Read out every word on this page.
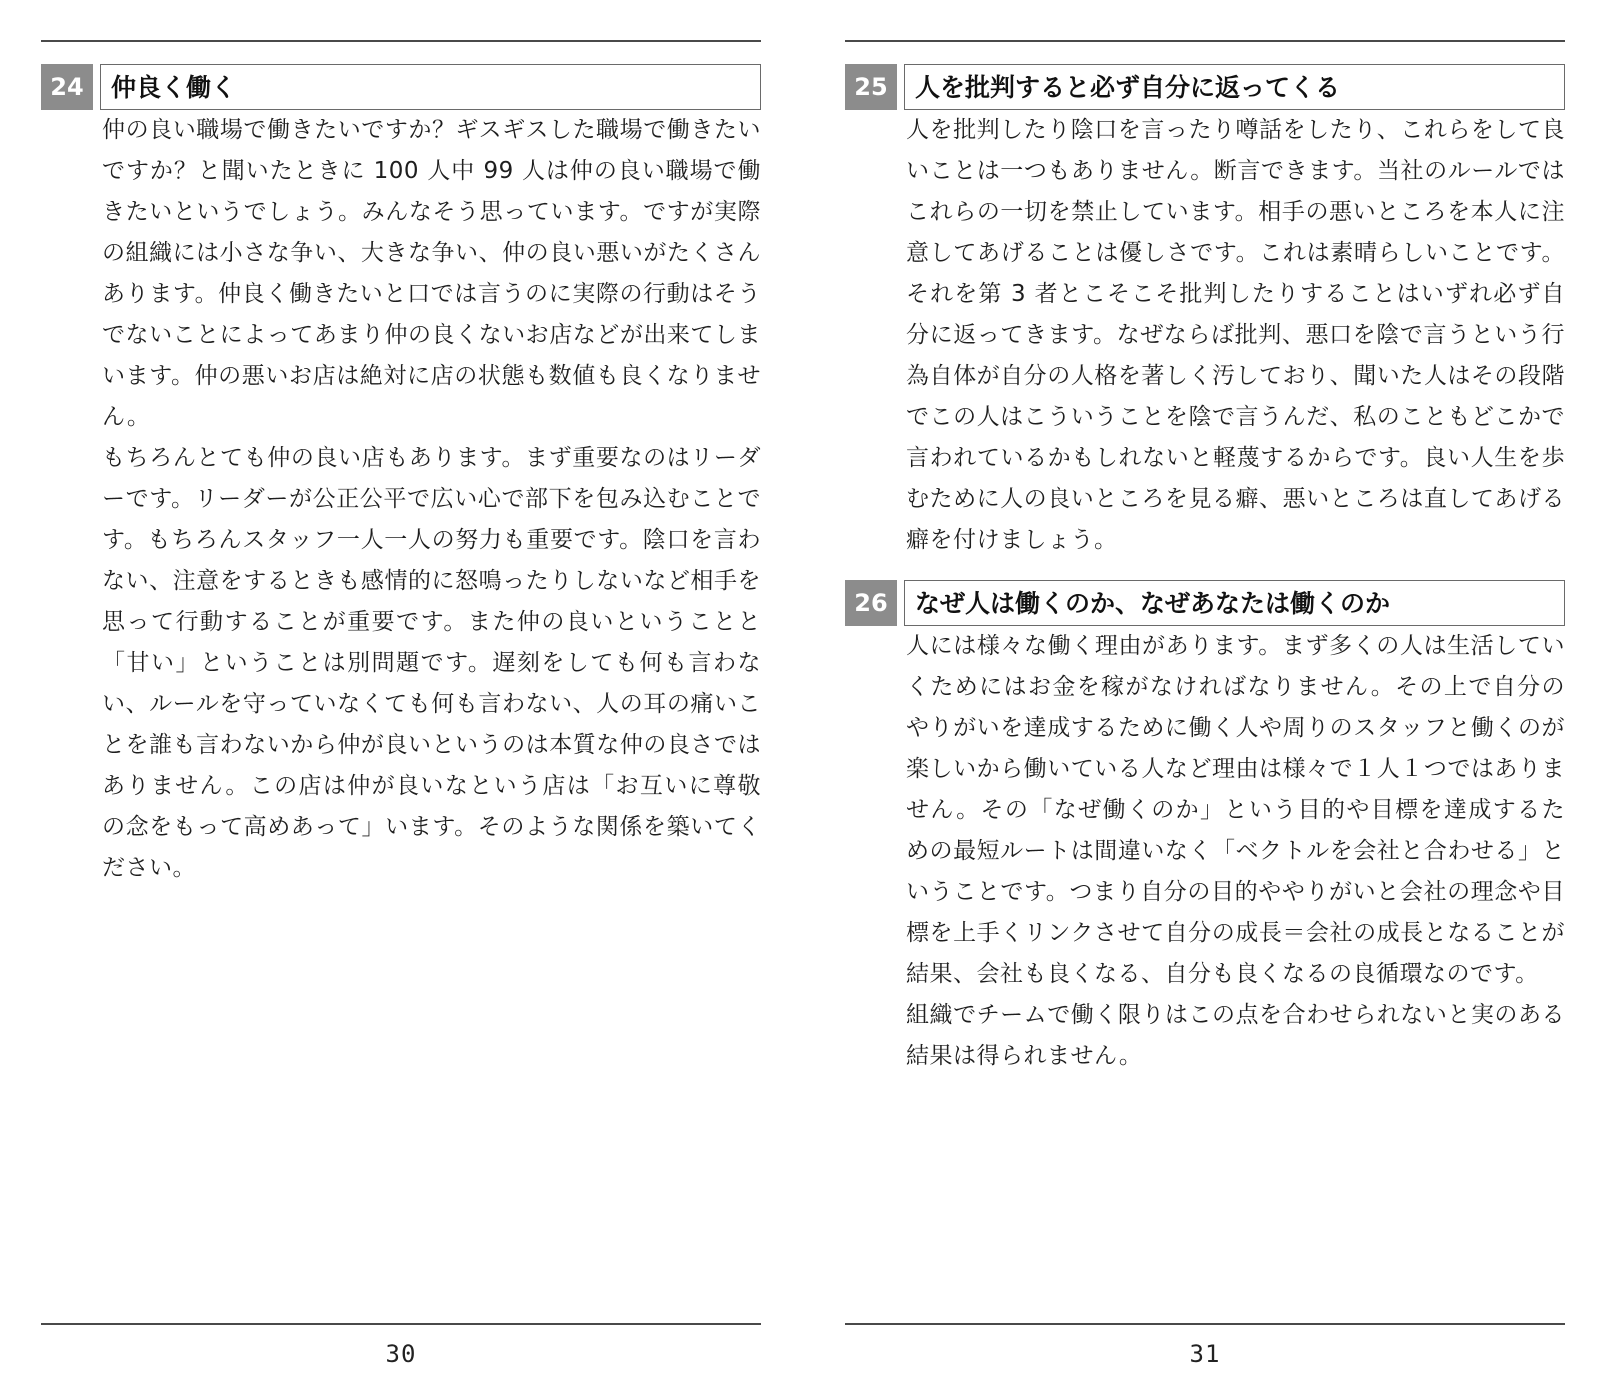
24	仲良く働く

仲の良い職場で働きたいですか？ギスギスした職場で働きたいですか？と聞いたときに 100 人中 99 人は仲の良い職場で働きたいというでしょう。みんなそう思っています。ですが実際の組織には小さな争い、大きな争い、仲の良い悪いがたくさんあります。仲良く働きたいと口では言うのに実際の行動はそうでないことによってあまり仲の良くないお店などが出来てしまいます。仲の悪いお店は絶対に店の状態も数値も良くなりません。

もちろんとても仲の良い店もあります。まず重要なのはリーダーです。リーダーが公正公平で広い心で部下を包み込むことです。もちろんスタッフ一人一人の努力も重要です。陰口を言わない、注意をするときも感情的に怒鳴ったりしないなど相手を思って行動することが重要です。また仲の良いということと「甘い」ということは別問題です。遅刻をしても何も言わない、ルールを守っていなくても何も言わない、人の耳の痛いことを誰も言わないから仲が良いというのは本質な仲の良さではありません。この店は仲が良いなという店は「お互いに尊敬の念をもって高めあって」います。そのような関係を築いてください。

30
25	人を批判すると必ず自分に返ってくる

人を批判したり陰口を言ったり噂話をしたり、これらをして良いことは一つもありません。断言できます。当社のルールではこれらの一切を禁止しています。相手の悪いところを本人に注意してあげることは優しさです。これは素晴らしいことです。それを第 3 者とこそこそ批判したりすることはいずれ必ず自分に返ってきます。なぜならば批判、悪口を陰で言うという行為自体が自分の人格を著しく汚しており、聞いた人はその段階でこの人はこういうことを陰で言うんだ、私のこともどこかで言われているかもしれないと軽蔑するからです。良い人生を歩むために人の良いところを見る癖、悪いところは直してあげる癖を付けましょう。

26	なぜ人は働くのか、なぜあなたは働くのか

人には様々な働く理由があります。まず多くの人は生活していくためにはお金を稼がなければなりません。その上で自分のやりがいを達成するために働く人や周りのスタッフと働くのが楽しいから働いている人など理由は様々で１人１つではありません。その「なぜ働くのか」という目的や目標を達成するための最短ルートは間違いなく「ベクトルを会社と合わせる」ということです。つまり自分の目的ややりがいと会社の理念や目標を上手くリンクさせて自分の成長＝会社の成長となることが結果、会社も良くなる、自分も良くなるの良循環なのです。

組織でチームで働く限りはこの点を合わせられないと実のある結果は得られません。

31
